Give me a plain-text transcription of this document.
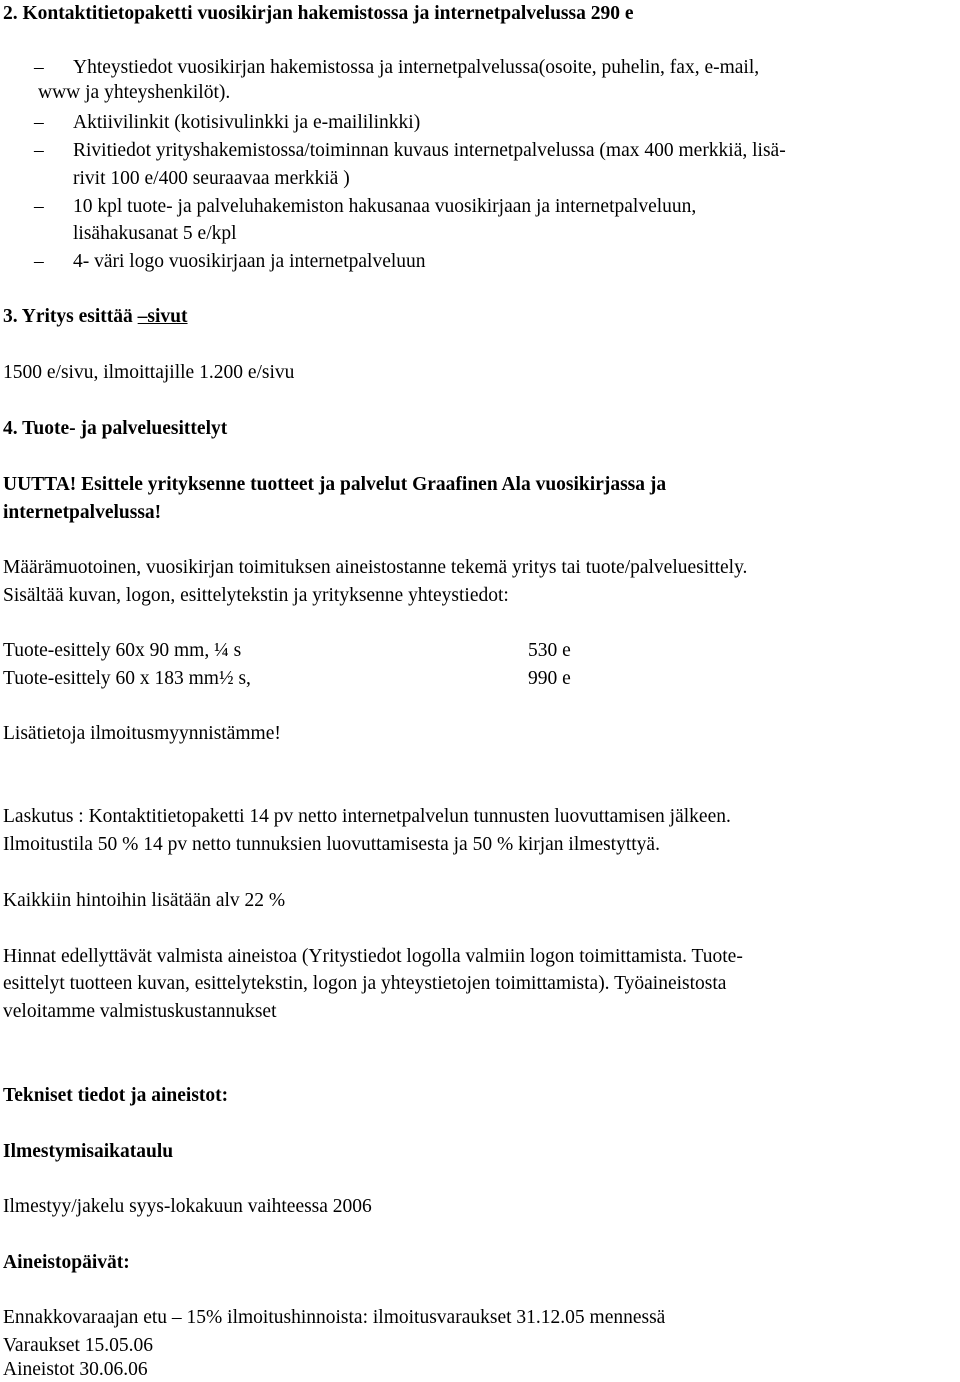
2. Kontaktitietopaketti vuosikirjan hakemistossa ja internetpalvelussa 290 e
– Yhteystiedot vuosikirjan hakemistossa ja internetpalvelussa(osoite, puhelin, fax, e-mail,
www ja yhteyshenkilöt).
– Aktiivilinkit (kotisivulinkki ja e-maililinkki)
– Rivitiedot yrityshakemistossa/toiminnan kuvaus internetpalvelussa (max 400 merkkiä, lisä-
rivit 100 e/400 seuraavaa merkkiä )
– 10 kpl tuote- ja palveluhakemiston hakusanaa vuosikirjaan ja internetpalveluun,
lisähakusanat 5 e/kpl
– 4- väri logo vuosikirjaan ja internetpalveluun
3. Yritys esittää –sivut
1500 e/sivu, ilmoittajille 1.200 e/sivu
4. Tuote- ja palveluesittelyt
UUTTA! Esittele yrityksenne tuotteet ja palvelut Graafinen Ala vuosikirjassa ja
internetpalvelussa!
Määrämuotoinen, vuosikirjan toimituksen aineistostanne tekemä yritys tai tuote/palveluesittely.
Sisältää kuvan, logon, esittelytekstin ja yrityksenne yhteystiedot:
Tuote-esittely 60x 90 mm, ¼ s	530 e
Tuote-esittely 60 x 183 mm½ s,	990 e
Lisätietoja ilmoitusmyynnistämme!
Laskutus : Kontaktitietopaketti 14 pv netto internetpalvelun tunnusten luovuttamisen jälkeen.
Ilmoitustila 50 % 14 pv netto tunnuksien luovuttamisesta ja 50 % kirjan ilmestyttyä.
Kaikkiin hintoihin lisätään alv 22 %
Hinnat edellyttävät valmista aineistoa (Yritystiedot logolla valmiin logon toimittamista. Tuote-
esittelyt tuotteen kuvan, esittelytekstin, logon ja yhteystietojen toimittamista). Työaineistosta
veloitamme valmistuskustannukset
Tekniset tiedot ja aineistot:
Ilmestymisaikataulu
Ilmestyy/jakelu syys-lokakuun vaihteessa 2006
Aineistopäivät:
Ennakkovaraajan etu – 15% ilmoitushinnoista: ilmoitusvaraukset 31.12.05 mennessä
Varaukset 15.05.06
Aineistot 30.06.06
